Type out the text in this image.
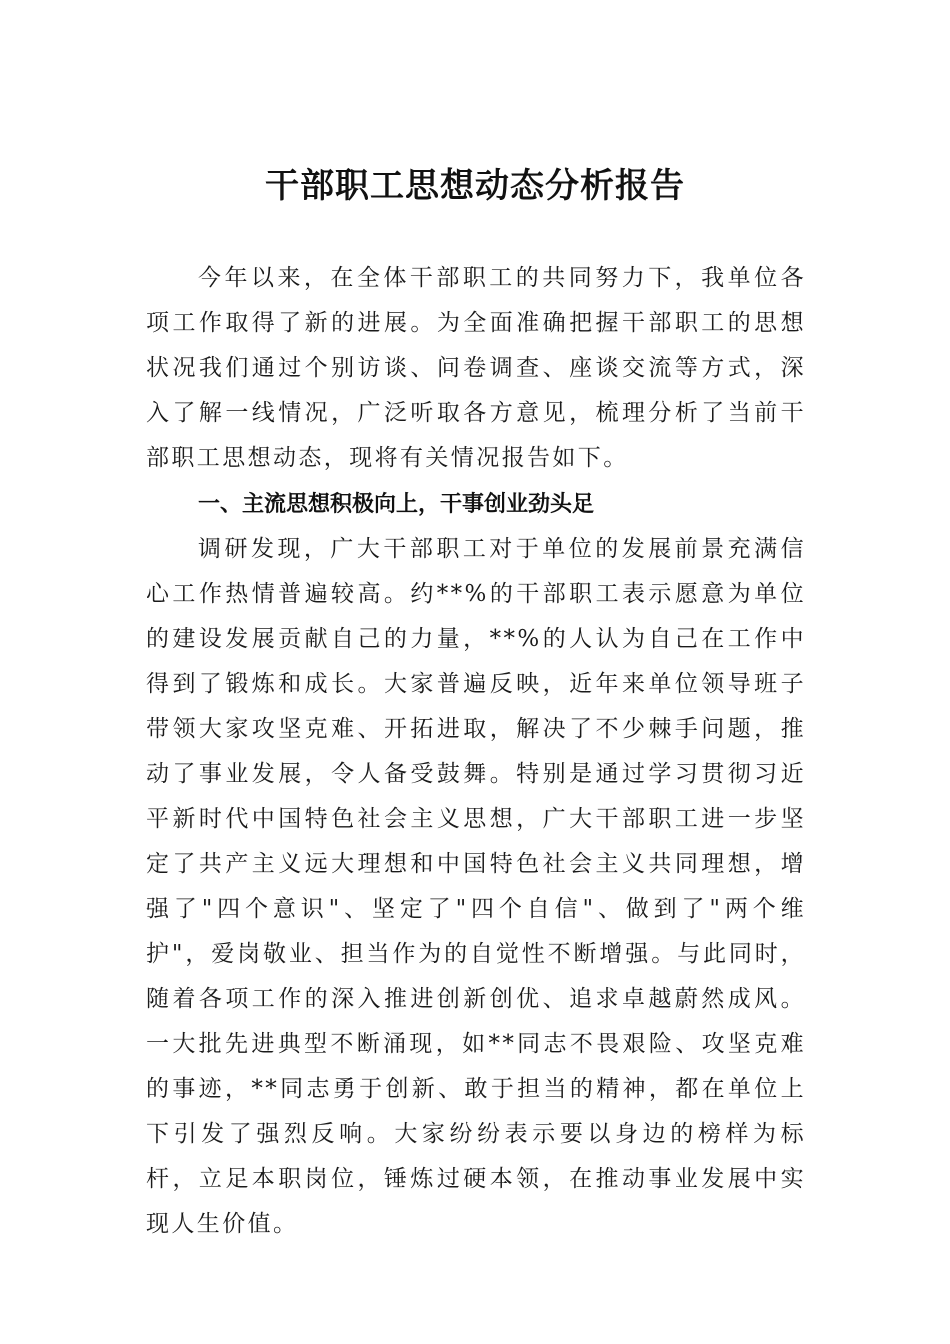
干部职工思想动态分析报告

今年以来，在全体干部职工的共同努力下，我单位各项工作取得了新的进展。为全面准确把握干部职工的思想状况我们通过个别访谈、问卷调查、座谈交流等方式，深入了解一线情况，广泛听取各方意见，梳理分析了当前干部职工思想动态，现将有关情况报告如下。

一、主流思想积极向上，干事创业劲头足

调研发现，广大干部职工对于单位的发展前景充满信心工作热情普遍较高。约**%的干部职工表示愿意为单位的建设发展贡献自己的力量，**%的人认为自己在工作中得到了锻炼和成长。大家普遍反映，近年来单位领导班子带领大家攻坚克难、开拓进取，解决了不少棘手问题，推动了事业发展，令人备受鼓舞。特别是通过学习贯彻习近平新时代中国特色社会主义思想，广大干部职工进一步坚定了共产主义远大理想和中国特色社会主义共同理想，增强了"四个意识"、坚定了"四个自信"、做到了"两个维护"，爱岗敬业、担当作为的自觉性不断增强。与此同时，随着各项工作的深入推进创新创优、追求卓越蔚然成风。一大批先进典型不断涌现，如**同志不畏艰险、攻坚克难的事迹，**同志勇于创新、敢于担当的精神，都在单位上下引发了强烈反响。大家纷纷表示要以身边的榜样为标杆，立足本职岗位，锤炼过硬本领，在推动事业发展中实现人生价值。
